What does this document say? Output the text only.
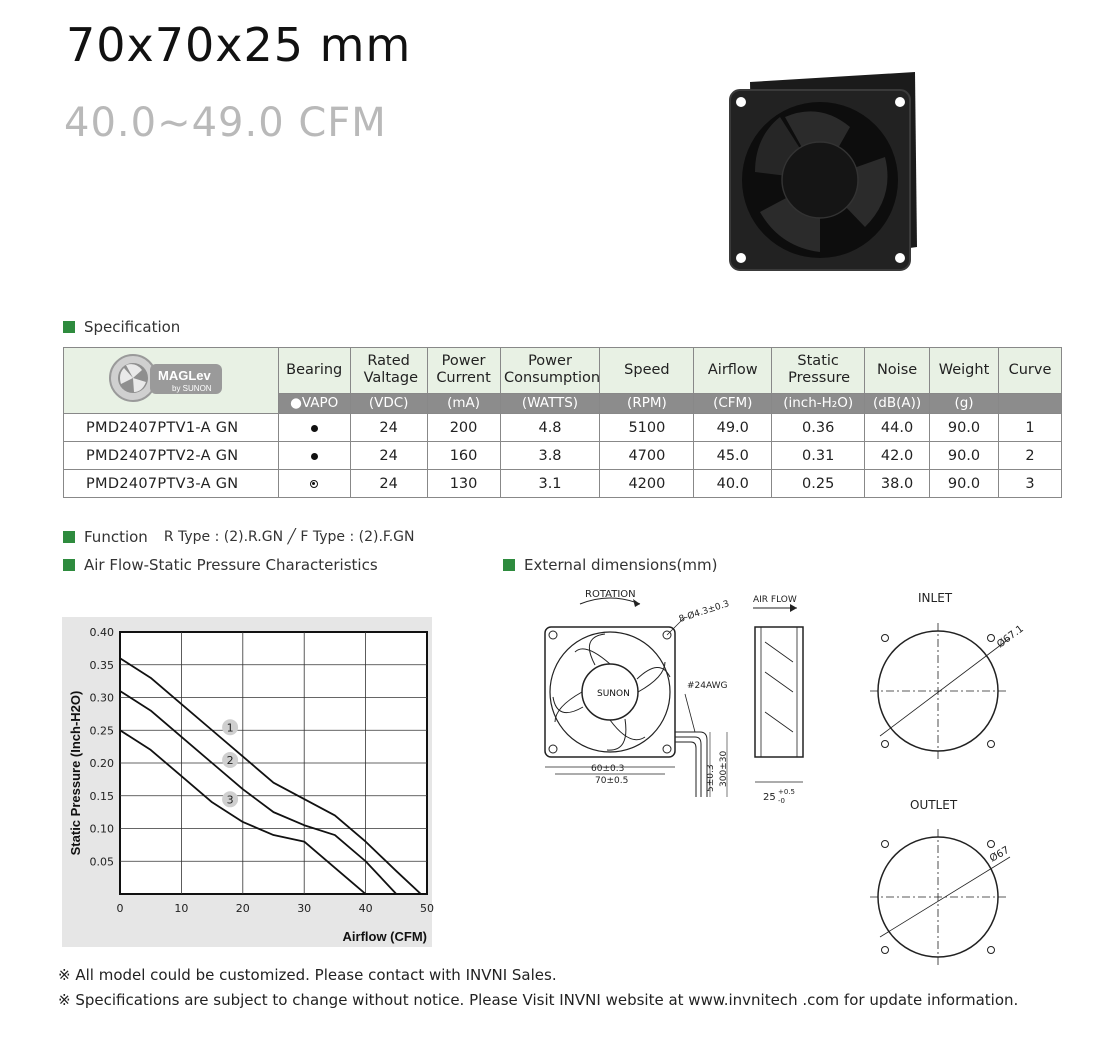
70x70x25 mm
40.0~49.0 CFM
Specification
MAGLev
by SUNON	Bearing	Rated Valtage	Power Current	Power Consumption	Speed	Airflow	Static Pressure	Noise	Weight	Curve
	●VAPO	(VDC)	(mA)	(WATTS)	(RPM)	(CFM)	(inch-H₂O)	(dB(A))	(g)	
PMD2407PTV1-A GN		24	200	4.8	5100	49.0	0.36	44.0	90.0	1
PMD2407PTV2-A GN		24	160	3.8	4700	45.0	0.31	42.0	90.0	2
PMD2407PTV3-A GN		24	130	3.1	4200	40.0	0.25	38.0	90.0	3
Function R Type : (2).R.GN ╱ F Type : (2).F.GN
Air Flow-Static Pressure Characteristics	External dimensions(mm)
0	10	20	30	40	50
0.05
0.10
0.15
0.20
0.25
0.30
0.35
0.40
Airflow (CFM)
Static Pressure (Inch-H2O)	1
2
3
ROTATION
SUNON
8-Ø4.3±0.3
#24AWG
60±0.3
70±0.5	5±0.3 300±30
AIR FLOW
25 +0.5
-0
INLET
Ø67.1
OUTLET
Ø67
※ All model could be customized. Please contact with INVNI Sales.
※ Specifications are subject to change without notice. Please Visit INVNI website at www.invnitech .com for update information.
